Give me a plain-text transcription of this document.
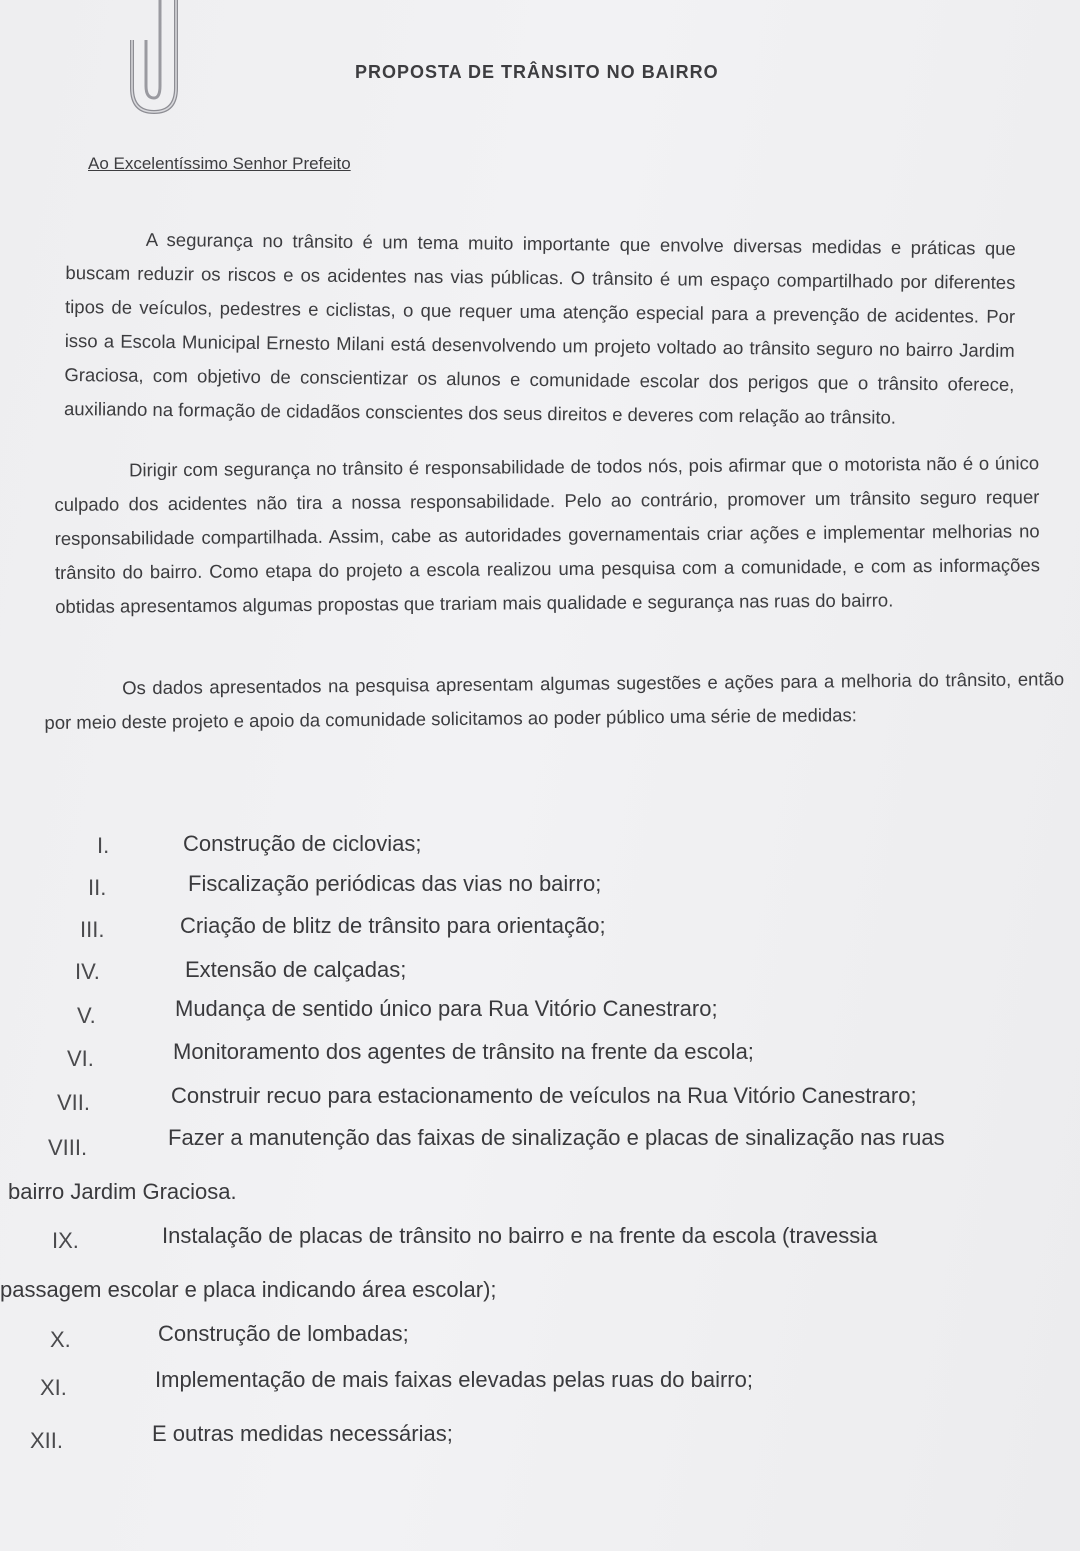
PROPOSTA DE TRÂNSITO NO BAIRRO
Ao Excelentíssimo Senhor Prefeito
A segurança no trânsito é um tema muito importante que envolve diversas medidas e práticas que buscam reduzir os riscos e os acidentes nas vias públicas. O trânsito é um espaço compartilhado por diferentes tipos de veículos, pedestres e ciclistas, o que requer uma atenção especial para a prevenção de acidentes. Por isso a Escola Municipal Ernesto Milani está desenvolvendo um projeto voltado ao trânsito seguro no bairro Jardim Graciosa, com objetivo de conscientizar os alunos e comunidade escolar dos perigos que o trânsito oferece, auxiliando na formação de cidadãos conscientes dos seus direitos e deveres com relação ao trânsito.
Dirigir com segurança no trânsito é responsabilidade de todos nós, pois afirmar que o motorista não é o único culpado dos acidentes não tira a nossa responsabilidade. Pelo ao contrário, promover um trânsito seguro requer responsabilidade compartilhada. Assim, cabe as autoridades governamentais criar ações e implementar melhorias no trânsito do bairro. Como etapa do projeto a escola realizou uma pesquisa com a comunidade, e com as informações obtidas apresentamos algumas propostas que trariam mais qualidade e segurança nas ruas do bairro.
Os dados apresentados na pesquisa apresentam algumas sugestões e ações para a melhoria do trânsito, então por meio deste projeto e apoio da comunidade solicitamos ao poder público uma série de medidas:
I.	Construção de ciclovias;
II.	Fiscalização periódicas das vias no bairro;
III.	Criação de blitz de trânsito para orientação;
IV.	Extensão de calçadas;
V.	Mudança de sentido único para Rua Vitório Canestraro;
VI.	Monitoramento dos agentes de trânsito na frente da escola;
VII.	Construir recuo para estacionamento de veículos na Rua Vitório Canestraro;
VIII.	Fazer a manutenção das faixas de sinalização e placas de sinalização nas ruas
bairro Jardim Graciosa.
IX.	Instalação de placas de trânsito no bairro e na frente da escola (travessia
passagem escolar e placa indicando área escolar);
X.	Construção de lombadas;
XI.	Implementação de mais faixas elevadas pelas ruas do bairro;
XII.	E outras medidas necessárias;
